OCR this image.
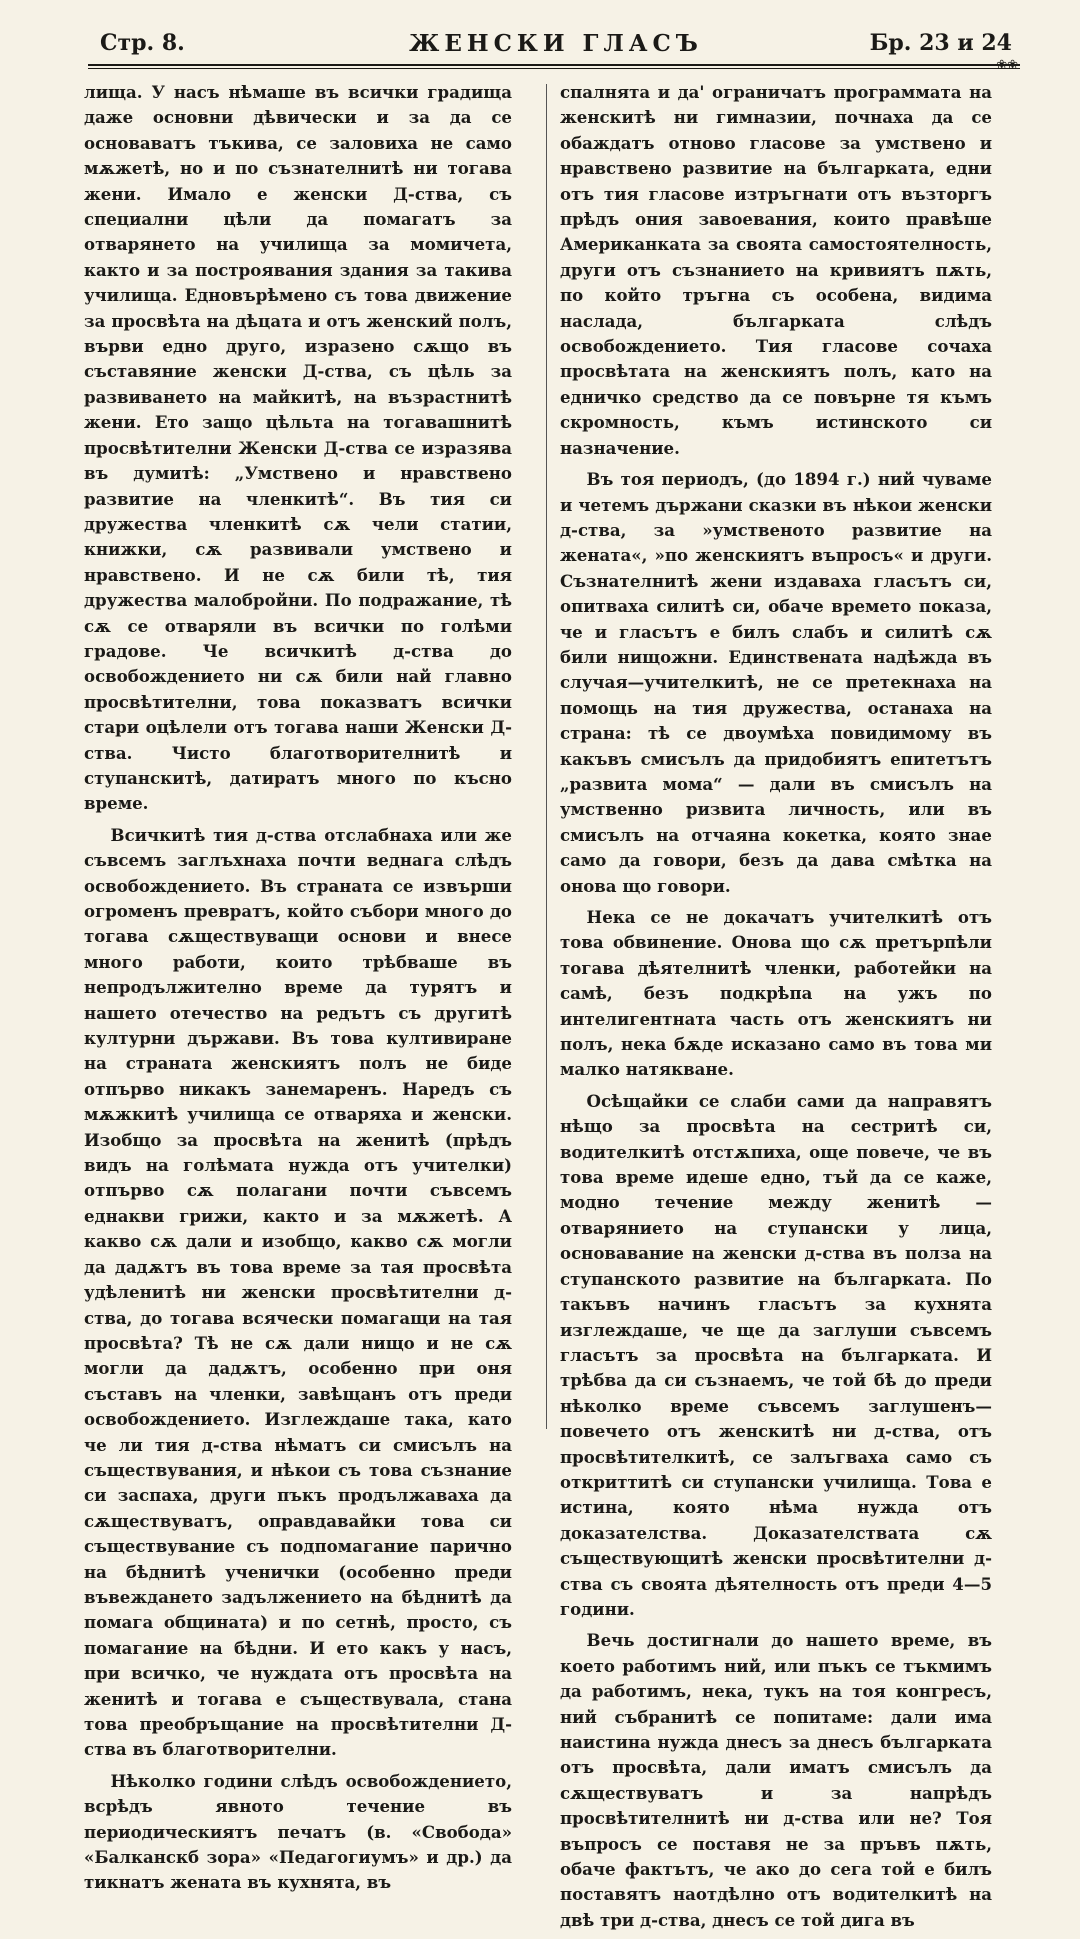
Стр. 8.	ЖЕНСКИ ГЛАСЪ	Бр. 23 и 24
❀❀

лища. У насъ нѣмаше въ всички градища даже основни дѣвически и за да се основаватъ тъкива, се заловиха не само мѫжетѣ, но и по съзнателнитѣ ни тогава жени. Имало е женски Д-ства, съ специални цѣли да помагатъ за отварянето на училища за момичета, както и за построявания здания за такива училища. Едновърѣмено съ това движение за просвѣта на дѣцата и отъ женский полъ, върви едно друго, изразено сѫщо въ съставяние женски Д-ства, съ цѣль за развиването на майкитѣ, на възрастнитѣ жени. Ето защо цѣльта на тогавашнитѣ просвѣтителни Женски Д-ства се изразява въ думитѣ: „Умствено и нравствено развитие на членкитѣ“. Въ тия си дружества членкитѣ сѫ чели статии, книжки, сѫ развивали умствено и нравствено. И не сѫ били тѣ, тия дружества малобройни. По подражание, тѣ сѫ се отваряли въ всички по голѣми градове. Че всичкитѣ д-ства до освобождението ни сѫ били най главно просвѣтителни, това показватъ всички стари оцѣлели отъ тогава наши Женски Д-ства. Чисто благотворителнитѣ и ступанскитѣ, датиратъ много по късно време.

Всичкитѣ тия д-ства отслабнаха или же съвсемъ заглъхнаха почти веднага слѣдъ освобождението. Въ страната се извърши огроменъ превратъ, който събори много до тогава сѫществуващи основи и внесе много работи, които трѣбваше въ непродължително време да турятъ и нашето отечество на редътъ съ другитѣ културни държави. Въ това култивиране на страната женскиятъ полъ не биде отпърво никакъ занемаренъ. Наредъ съ мѫжкитѣ училища се отваряха и женски. Изобщо за просвѣта на женитѣ (прѣдъ видъ на голѣмата нужда отъ учителки) отпърво сѫ полагани почти съвсемъ еднакви грижи, както и за мѫжетѣ. А какво сѫ дали и изобщо, какво сѫ могли да дадѫтъ въ това време за тая просвѣта удѣленитѣ ни женски просвѣтителни д-ства, до тогава всячески помагащи на тая просвѣта? Тѣ не сѫ дали нищо и не сѫ могли да дадѫтъ, особенно при оня съставъ на членки, завѣщанъ отъ преди освобождението. Изглеждаше така, като че ли тия д-ства нѣматъ си смисълъ на съществувания, и нѣкои съ това съзнание си заспаха, други пъкъ продължаваха да сѫществуватъ, оправдавайки това си съществувание съ подпомагание парично на бѣднитѣ ученички (особенно преди въвеждането задължението на бѣднитѣ да помага общината) и по сетнѣ, просто, съ помагание на бѣдни. И ето какъ у насъ, при всичко, че нуждата отъ просвѣта на женитѣ и тогава е съществувала, стана това преобръщание на просвѣтителни Д-ства въ благотворителни.

Нѣколко години слѣдъ освобождението, всрѣдъ явното течение въ периодическиятъ печатъ (в. «Свобода» «Балканскб зора» «Педагогиумъ» и др.) да тикнатъ жената въ кухнята, въ

спалнята и да' ограничатъ программата на женскитѣ ни гимназии, почнаха да се обаждатъ отново гласове за умствено и нравствено развитие на българката, едни отъ тия гласове изтръгнати отъ възторгъ прѣдъ ония завоевания, които правѣше Американката за своята самостоятелность, други отъ съзнанието на кривиятъ пѫть, по който тръгна съ особена, видима наслада, българката слѣдъ освобождението. Тия гласове сочаха просвѣтата на женскиятъ полъ, като на едничко средство да се повърне тя къмъ скромность, къмъ истинското си назначение.

Въ тоя периодъ, (до 1894 г.) ний чуваме и четемъ държани сказки въ нѣкои женски д-ства, за »умственото развитие на жената«, »по женскиятъ въпросъ« и други. Съзнателнитѣ жени издаваха гласътъ си, опитваха силитѣ си, обаче времето показа, че и гласътъ е билъ слабъ и силитѣ сѫ били нищожни. Единствената надѣжда въ случая—учителкитѣ, не се претекнаха на помощь на тия дружества, останаха на страна: тѣ се двоумѣха повидимому въ какъвъ смисълъ да придобиятъ епитетътъ „развита мома“ — дали въ смисълъ на умственно ризвита личность, или въ смисълъ на отчаяна кокетка, която знае само да говори, безъ да дава смѣтка на онова що говори.

Нека се не докачатъ учителкитѣ отъ това обвинение. Онова що сѫ претърпѣли тогава дѣятелнитѣ членки, работейки на самѣ, безъ подкрѣпа на ужъ по интелигентната часть отъ женскиятъ ни полъ, нека бѫде исказано само въ това ми малко натякване.

Осѣщайки се слаби сами да направятъ нѣщо за просвѣта на сестритѣ си, водителкитѣ отстѫпиха, още повече, че въ това време идеше едно, тъй да се каже, модно течение между женитѣ — отварянието на ступански у лица, основавание на женски д-ства въ полза на ступанското развитие на българката. По такъвъ начинъ гласътъ за кухнята изглеждаше, че ще да заглуши съвсемъ гласътъ за просвѣта на българката. И трѣбва да си съзнаемъ, че той бѣ до преди нѣколко време съвсемъ заглушенъ—повечето отъ женскитѣ ни д-ства, отъ просвѣтителкитѣ, се залъгваха само съ откриттитѣ си ступански училища. Товa е истина, която нѣма нужда отъ доказателства. Доказателствата сѫ съществующитѣ женски просвѣтителни д-ства съ своята дѣятелность отъ преди 4—5 години.

Вечь достигнали до нашето време, въ което работимъ ний, или пъкъ се тъкмимъ да работимъ, нека, тукъ на тоя конгресъ, ний събранитѣ се попитаме: дали има наистина нужда днесъ за днесъ българката отъ просвѣта, дали иматъ смисълъ да сѫществуватъ и за напрѣдъ просвѣтителнитѣ ни д-ства или не? Тоя въпросъ се поставя не за пръвъ пѫть, обаче фактътъ, че ако до сега той е билъ поставятъ наотдѣлно отъ водителкитѣ на двѣ три д-ства, днесъ се той дига въ
